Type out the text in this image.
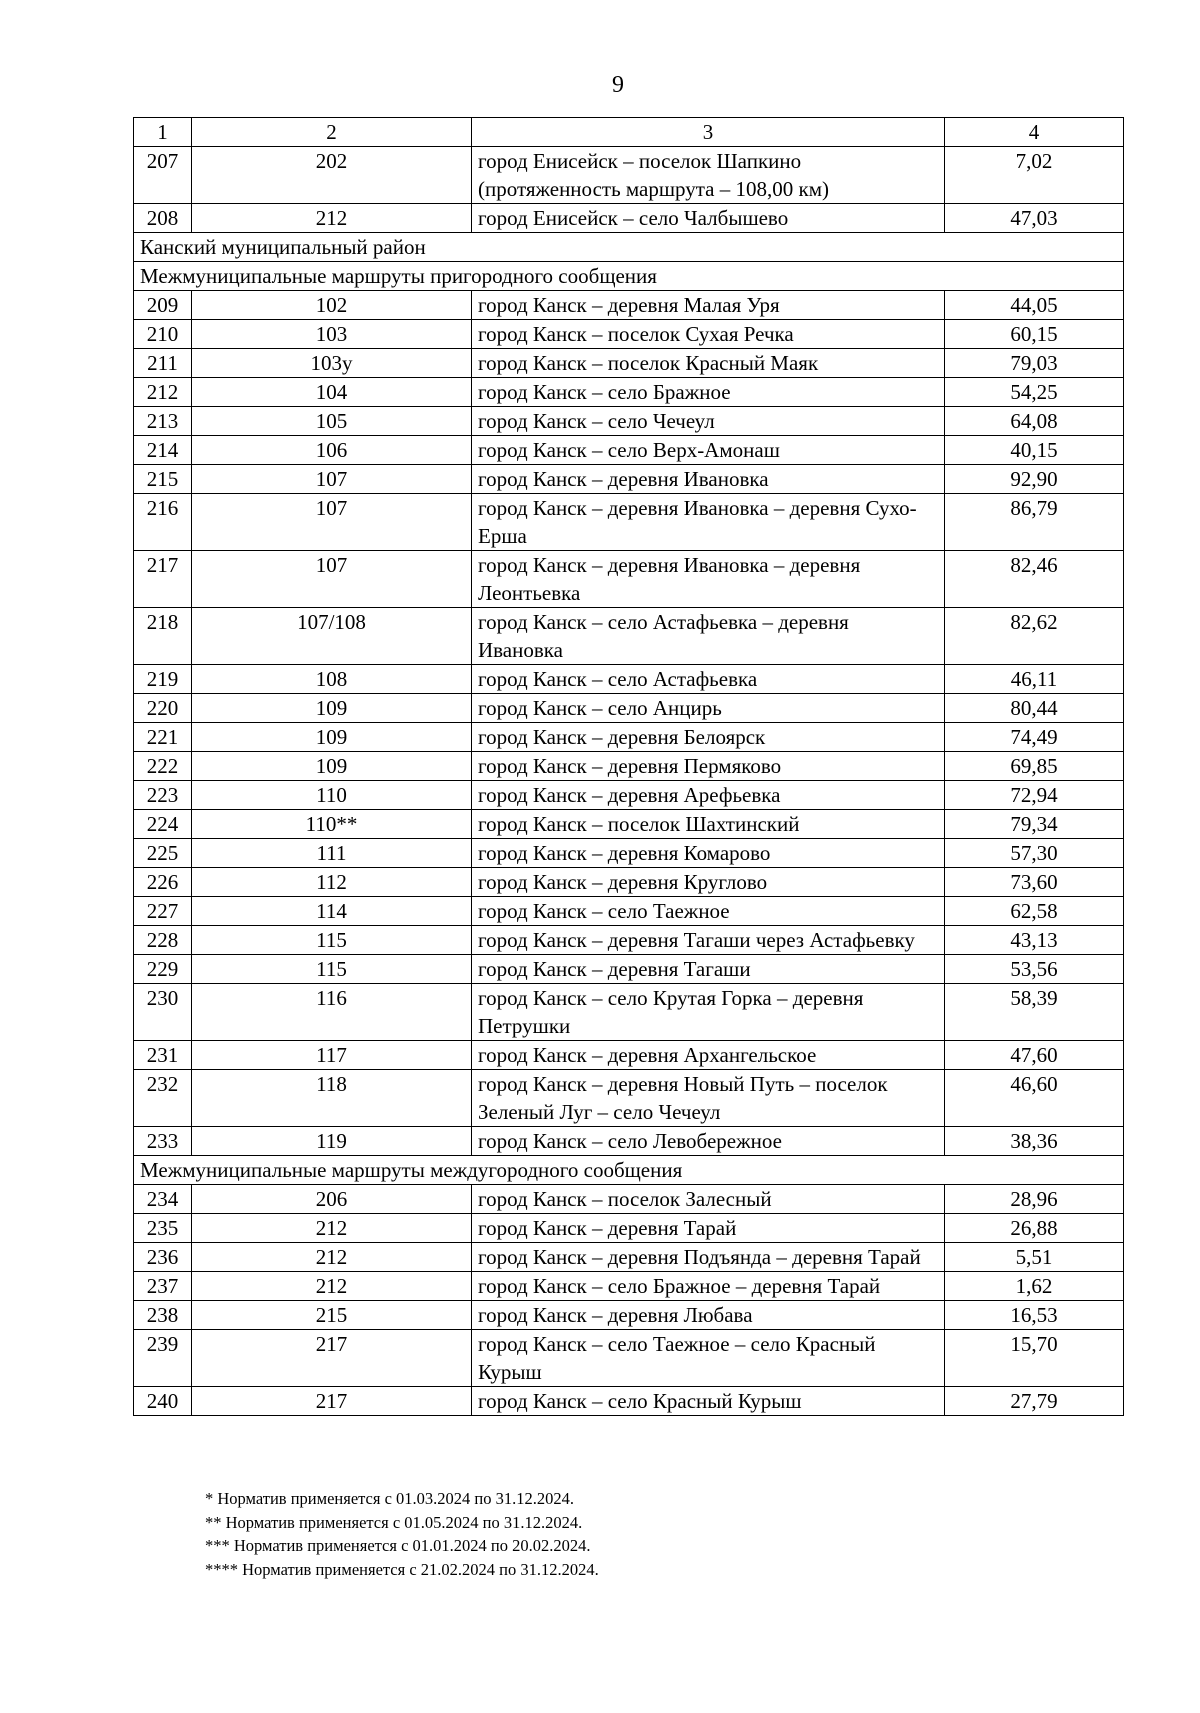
9
1	2	3	4
207	202	город Енисейск – поселок Шапкино (протяженность маршрута – 108,00 км)	7,02
208	212	город Енисейск – село Чалбышево	47,03
Канский муниципальный район			
Межмуниципальные маршруты пригородного сообщения			
209	102	город Канск – деревня Малая Уря	44,05
210	103	город Канск – поселок Сухая Речка	60,15
211	103у	город Канск – поселок Красный Маяк	79,03
212	104	город Канск – село Бражное	54,25
213	105	город Канск – село Чечеул	64,08
214	106	город Канск – село Верх-Амонаш	40,15
215	107	город Канск – деревня Ивановка	92,90
216	107	город Канск – деревня Ивановка – деревня Сухо-Ерша	86,79
217	107	город Канск – деревня Ивановка – деревня Леонтьевка	82,46
218	107/108	город Канск – село Астафьевка – деревня Ивановка	82,62
219	108	город Канск – село Астафьевка	46,11
220	109	город Канск – село Анцирь	80,44
221	109	город Канск – деревня Белоярск	74,49
222	109	город Канск – деревня Пермяково	69,85
223	110	город Канск – деревня Арефьевка	72,94
224	110**	город Канск – поселок Шахтинский	79,34
225	111	город Канск – деревня Комарово	57,30
226	112	город Канск – деревня Круглово	73,60
227	114	город Канск – село Таежное	62,58
228	115	город Канск – деревня Тагаши через Астафьевку	43,13
229	115	город Канск – деревня Тагаши	53,56
230	116	город Канск – село Крутая Горка – деревня Петрушки	58,39
231	117	город Канск – деревня Архангельское	47,60
232	118	город Канск – деревня Новый Путь – поселок Зеленый Луг – село Чечеул	46,60
233	119	город Канск – село Левобережное	38,36
Межмуниципальные маршруты междугородного сообщения			
234	206	город Канск – поселок Залесный	28,96
235	212	город Канск – деревня Тарай	26,88
236	212	город Канск – деревня Подъянда – деревня Тарай	5,51
237	212	город Канск – село Бражное – деревня Тарай	1,62
238	215	город Канск – деревня Любава	16,53
239	217	город Канск – село Таежное – село Красный Курыш	15,70
240	217	город Канск – село Красный Курыш	27,79
* Норматив применяется с 01.03.2024 по 31.12.2024.
** Норматив применяется с 01.05.2024 по 31.12.2024.
*** Норматив применяется с 01.01.2024 по 20.02.2024.
**** Норматив применяется с 21.02.2024 по 31.12.2024.
